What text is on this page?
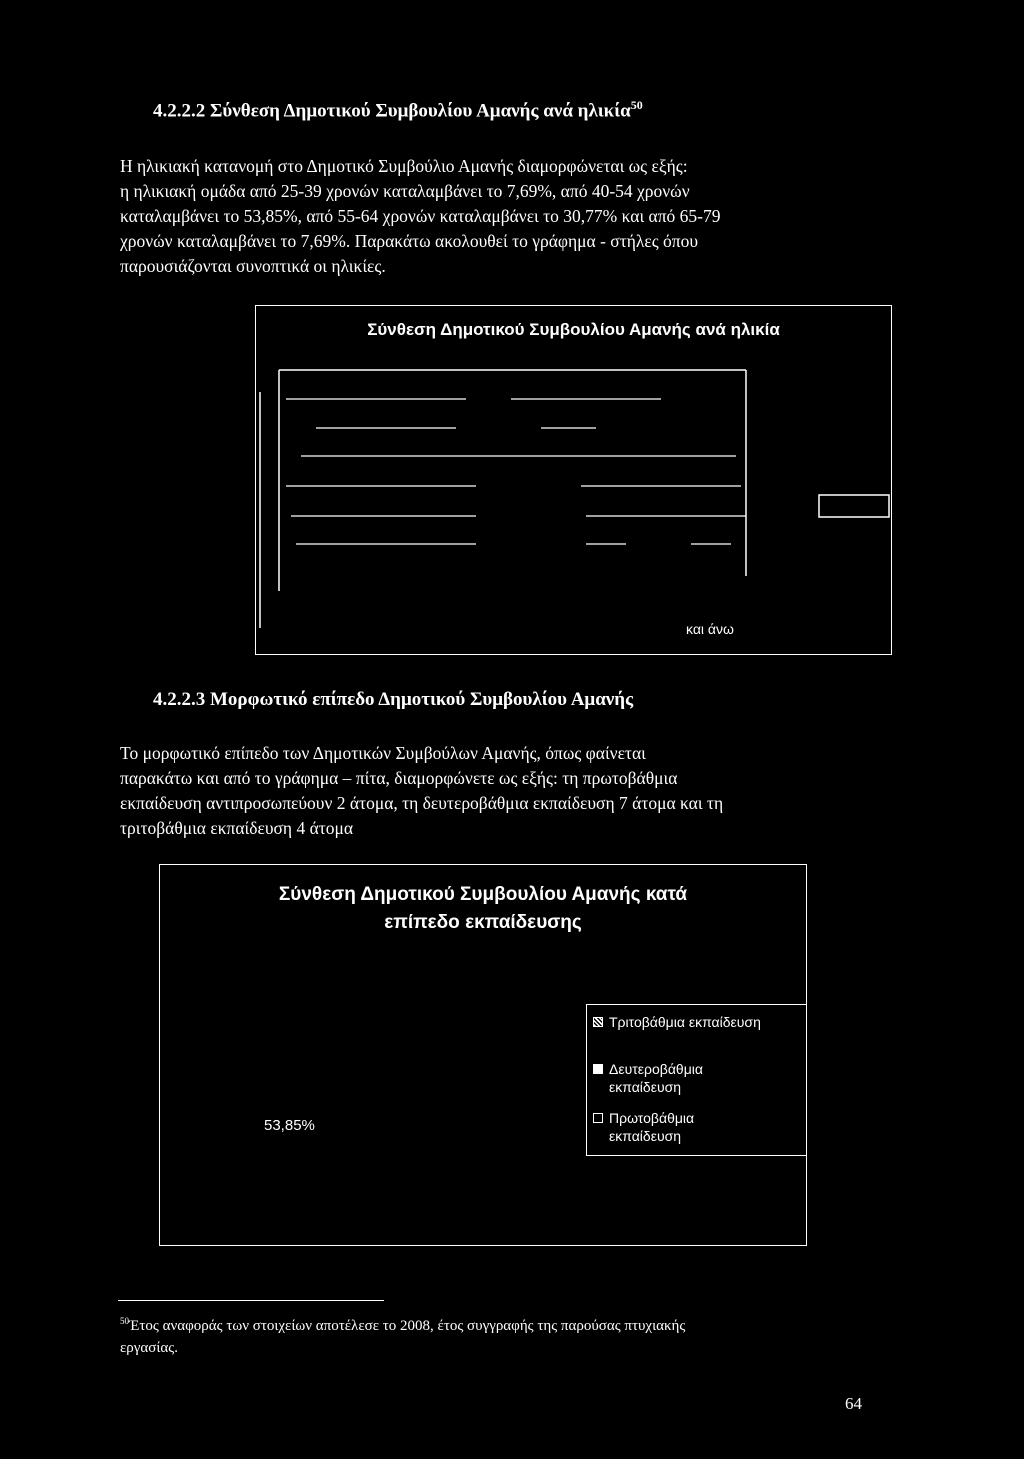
4.2.2.2 Σύνθεση Δημοτικού Συμβουλίου Αμανής ανά ηλικία$^{50}$
Η ηλικιακή κατανομή στο Δημοτικό Συμβούλιο Αμανής διαμορφώνεται ως εξής:
η ηλικιακή ομάδα από 25-39 χρονών καταλαμβάνει το 7,69%, από 40-54 χρονών
καταλαμβάνει το 53,85%, από 55-64 χρονών καταλαμβάνει το 30,77% και από 65-79
χρονών καταλαμβάνει το 7,69%. Παρακάτω ακολουθεί το γράφημα - στήλες όπου
παρουσιάζονται συνοπτικά οι ηλικίες.
Σύνθεση Δημοτικού Συμβουλίου Αμανής ανά ηλικία
και άνω
4.2.2.3 Μορφωτικό επίπεδο Δημοτικού Συμβουλίου Αμανής
Το μορφωτικό επίπεδο των Δημοτικών Συμβούλων Αμανής, όπως φαίνεται
παρακάτω και από το γράφημα – πίτα, διαμορφώνετε ως εξής: τη πρωτοβάθμια
εκπαίδευση αντιπροσωπεύουν 2 άτομα, τη δευτεροβάθμια εκπαίδευση 7 άτομα και τη
τριτοβάθμια εκπαίδευση 4 άτομα
Σύνθεση Δημοτικού Συμβουλίου Αμανής κατά
επίπεδο εκπαίδευσης
53,85%
Τριτοβάθμια εκπαίδευση
Δευτεροβάθμια
εκπαίδευση
Πρωτοβάθμια
εκπαίδευση
$^{50}$Έτος αναφοράς των στοιχείων αποτέλεσε το 2008, έτος συγγραφής της παρούσας πτυχιακής
εργασίας.
64
